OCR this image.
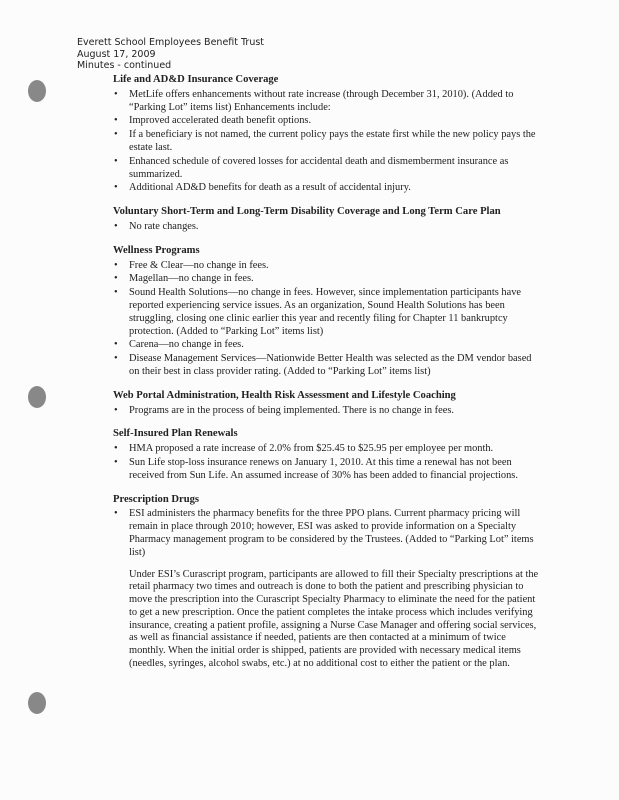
Everett School Employees Benefit Trust
August 17, 2009
Minutes - continued
Life and AD&D Insurance Coverage
• MetLife offers enhancements without rate increase (through December 31, 2010). (Added to “Parking Lot” items list) Enhancements include:
• Improved accelerated death benefit options.
• If a beneficiary is not named, the current policy pays the estate first while the new policy pays the estate last.
• Enhanced schedule of covered losses for accidental death and dismemberment insurance as summarized.
• Additional AD&D benefits for death as a result of accidental injury.
Voluntary Short-Term and Long-Term Disability Coverage and Long Term Care Plan
• No rate changes.
Wellness Programs
• Free & Clear—no change in fees.
• Magellan—no change in fees.
• Sound Health Solutions—no change in fees. However, since implementation participants have reported experiencing service issues. As an organization, Sound Health Solutions has been struggling, closing one clinic earlier this year and recently filing for Chapter 11 bankruptcy protection. (Added to “Parking Lot” items list)
• Carena—no change in fees.
• Disease Management Services—Nationwide Better Health was selected as the DM vendor based on their best in class provider rating. (Added to “Parking Lot” items list)
Web Portal Administration, Health Risk Assessment and Lifestyle Coaching
• Programs are in the process of being implemented. There is no change in fees.
Self-Insured Plan Renewals
• HMA proposed a rate increase of 2.0% from $25.45 to $25.95 per employee per month.
• Sun Life stop-loss insurance renews on January 1, 2010. At this time a renewal has not been received from Sun Life. An assumed increase of 30% has been added to financial projections.
Prescription Drugs
• ESI administers the pharmacy benefits for the three PPO plans. Current pharmacy pricing will remain in place through 2010; however, ESI was asked to provide information on a Specialty Pharmacy management program to be considered by the Trustees. (Added to “Parking Lot” items list)

Under ESI’s Curascript program, participants are allowed to fill their Specialty prescriptions at the retail pharmacy two times and outreach is done to both the patient and prescribing physician to move the prescription into the Curascript Specialty Pharmacy to eliminate the need for the patient to get a new prescription. Once the patient completes the intake process which includes verifying insurance, creating a patient profile, assigning a Nurse Case Manager and offering social services, as well as financial assistance if needed, patients are then contacted at a minimum of twice monthly. When the initial order is shipped, patients are provided with necessary medical items (needles, syringes, alcohol swabs, etc.) at no additional cost to either the patient or the plan.
